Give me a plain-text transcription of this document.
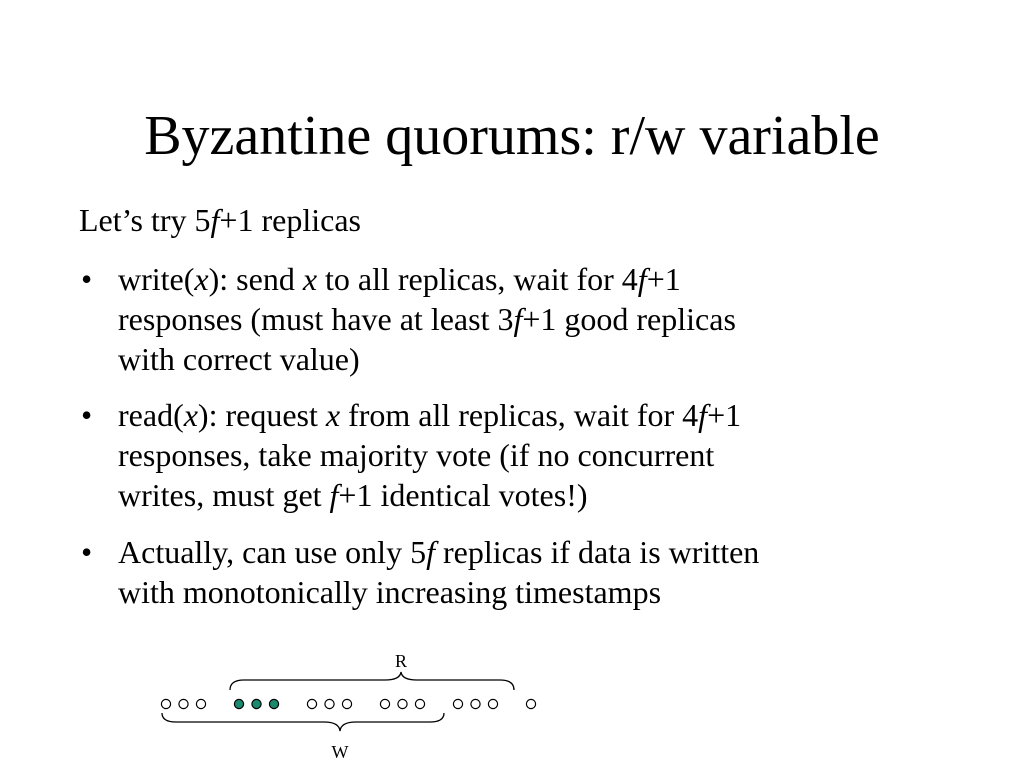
Byzantine quorums: r/w variable
Let’s try 5f+1 replicas
• write(x): send x to all replicas, wait for 4f+1
responses (must have at least 3f+1 good replicas
with correct value)
• read(x): request x from all replicas, wait for 4f+1
responses, take majority vote (if no concurrent
writes, must get f+1 identical votes!)
• Actually, can use only 5f replicas if data is written
with monotonically increasing timestamps
R
W
